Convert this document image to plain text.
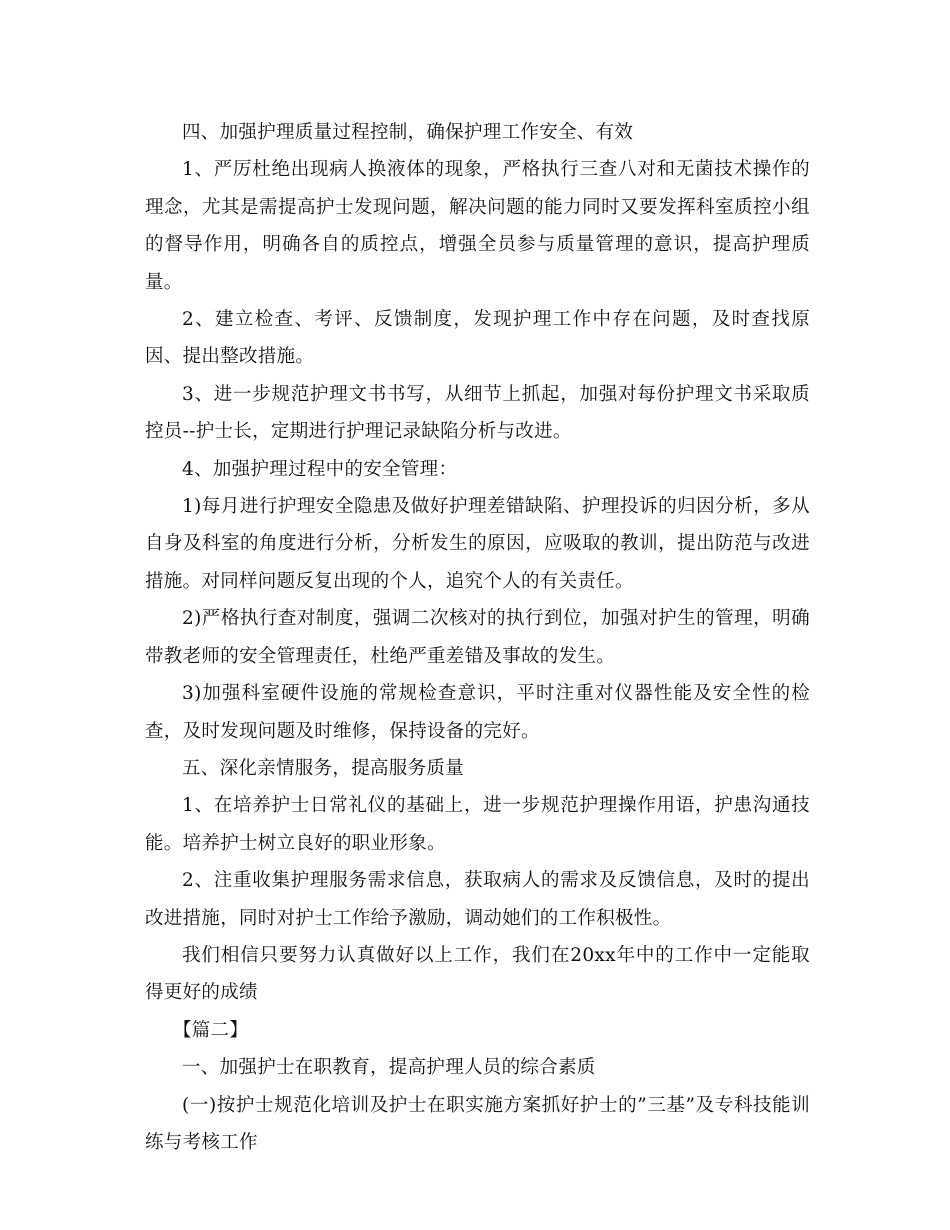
四、加强护理质量过程控制，确保护理工作安全、有效

1、严厉杜绝出现病人换液体的现象，严格执行三查八对和无菌技术操作的理念，尤其是需提高护士发现问题，解决问题的能力同时又要发挥科室质控小组的督导作用，明确各自的质控点，增强全员参与质量管理的意识，提高护理质量。

2、建立检查、考评、反馈制度，发现护理工作中存在问题，及时查找原因、提出整改措施。

3、进一步规范护理文书书写，从细节上抓起，加强对每份护理文书采取质控员--护士长，定期进行护理记录缺陷分析与改进。

4、加强护理过程中的安全管理：

1)每月进行护理安全隐患及做好护理差错缺陷、护理投诉的归因分析，多从自身及科室的角度进行分析，分析发生的原因，应吸取的教训，提出防范与改进措施。对同样问题反复出现的个人，追究个人的有关责任。

2)严格执行查对制度，强调二次核对的执行到位，加强对护生的管理，明确带教老师的安全管理责任，杜绝严重差错及事故的发生。

3)加强科室硬件设施的常规检查意识，平时注重对仪器性能及安全性的检查，及时发现问题及时维修，保持设备的完好。

五、深化亲情服务，提高服务质量

1、在培养护士日常礼仪的基础上，进一步规范护理操作用语，护患沟通技能。培养护士树立良好的职业形象。

2、注重收集护理服务需求信息，获取病人的需求及反馈信息，及时的提出改进措施，同时对护士工作给予激励，调动她们的工作积极性。

我们相信只要努力认真做好以上工作，我们在20xx年中的工作中一定能取得更好的成绩

【篇二】

一、加强护士在职教育，提高护理人员的综合素质

(一)按护士规范化培训及护士在职实施方案抓好护士的”三基”及专科技能训练与考核工作
